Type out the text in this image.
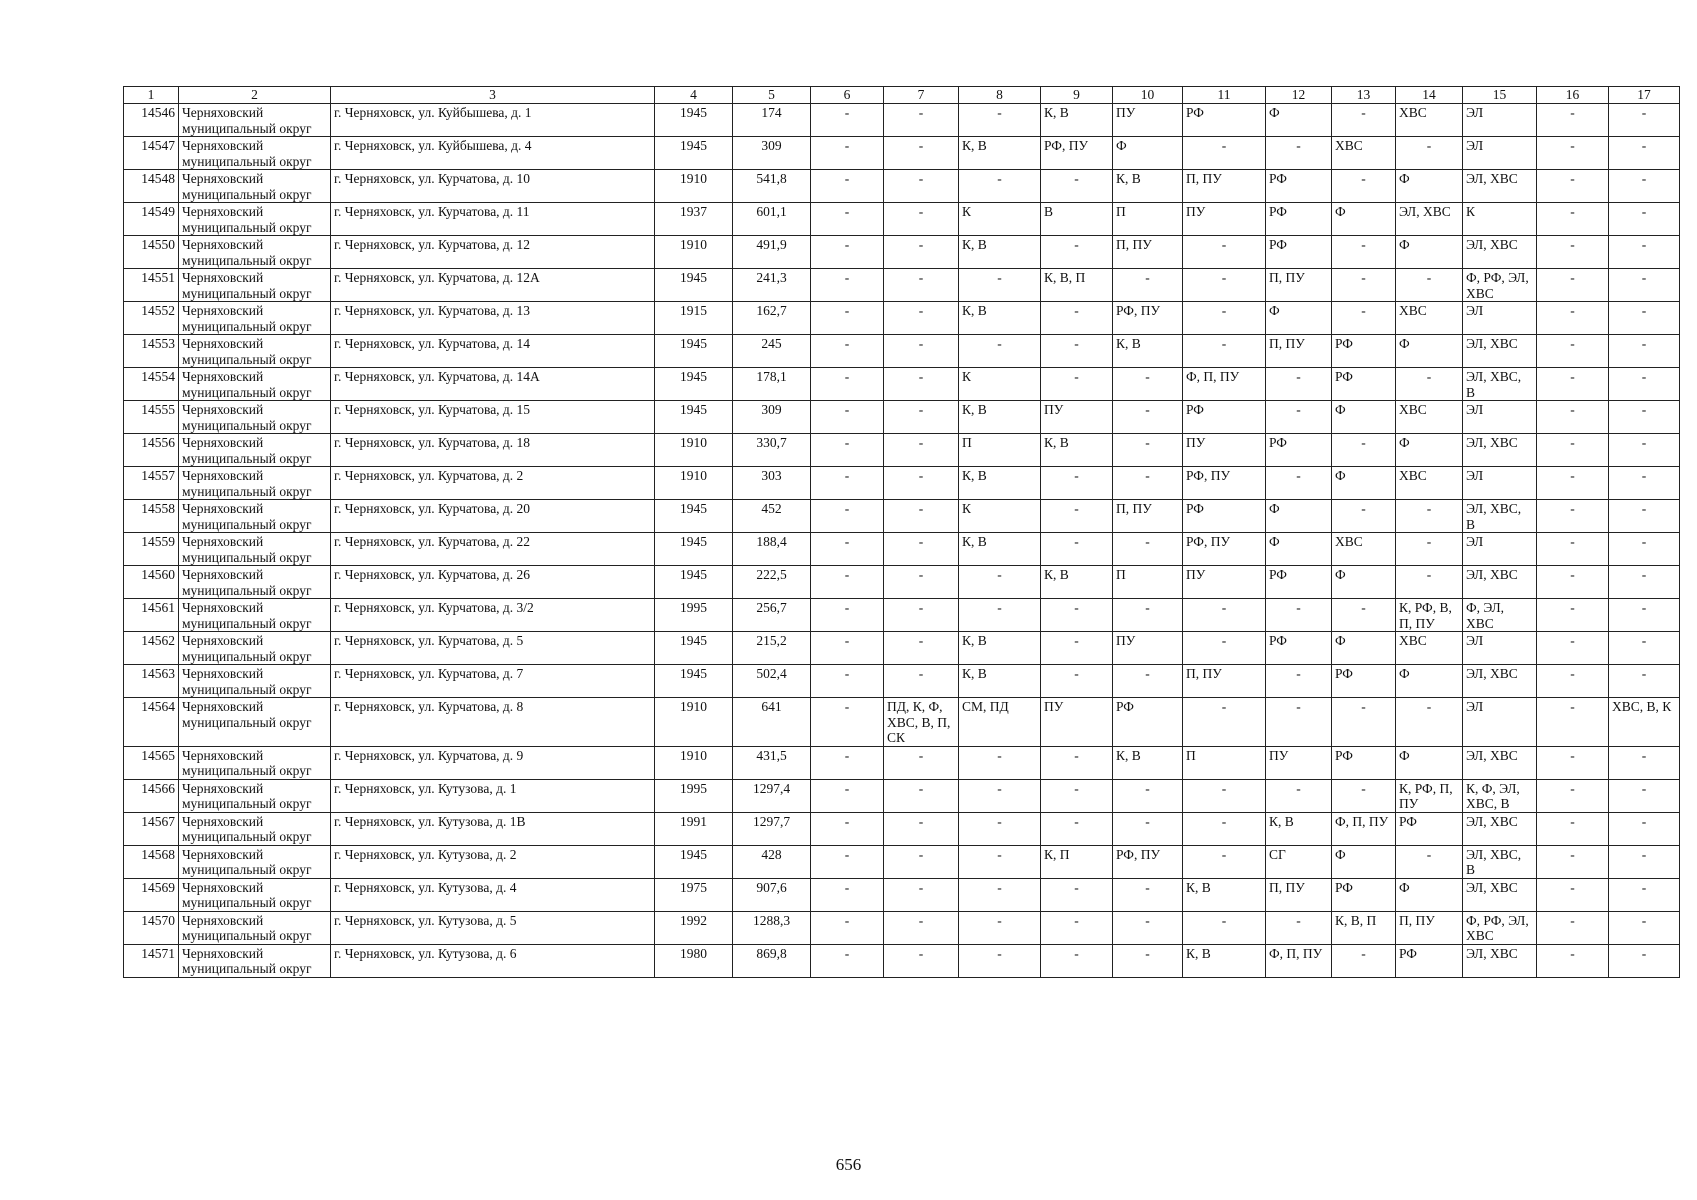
1	2	3	4	5	6	7	8	9	10	11	12	13	14	15	16	17
14546	Черняховский муниципальный округ	г. Черняховск, ул. Куйбышева, д. 1	1945	174	-	-	-	К, В	ПУ	РФ	Ф	-	ХВС	ЭЛ	-	-
14547	Черняховский муниципальный округ	г. Черняховск, ул. Куйбышева, д. 4	1945	309	-	-	К, В	РФ, ПУ	Ф	-	-	ХВС	-	ЭЛ	-	-
14548	Черняховский муниципальный округ	г. Черняховск, ул. Курчатова, д. 10	1910	541,8	-	-	-	-	К, В	П, ПУ	РФ	-	Ф	ЭЛ, ХВС	-	-
14549	Черняховский муниципальный округ	г. Черняховск, ул. Курчатова, д. 11	1937	601,1	-	-	К	В	П	ПУ	РФ	Ф	ЭЛ, ХВС	К	-	-
14550	Черняховский муниципальный округ	г. Черняховск, ул. Курчатова, д. 12	1910	491,9	-	-	К, В	-	П, ПУ	-	РФ	-	Ф	ЭЛ, ХВС	-	-
14551	Черняховский муниципальный округ	г. Черняховск, ул. Курчатова, д. 12А	1945	241,3	-	-	-	К, В, П	-	-	П, ПУ	-	-	Ф, РФ, ЭЛ, ХВС	-	-
14552	Черняховский муниципальный округ	г. Черняховск, ул. Курчатова, д. 13	1915	162,7	-	-	К, В	-	РФ, ПУ	-	Ф	-	ХВС	ЭЛ	-	-
14553	Черняховский муниципальный округ	г. Черняховск, ул. Курчатова, д. 14	1945	245	-	-	-	-	К, В	-	П, ПУ	РФ	Ф	ЭЛ, ХВС	-	-
14554	Черняховский муниципальный округ	г. Черняховск, ул. Курчатова, д. 14А	1945	178,1	-	-	К	-	-	Ф, П, ПУ	-	РФ	-	ЭЛ, ХВС, В	-	-
14555	Черняховский муниципальный округ	г. Черняховск, ул. Курчатова, д. 15	1945	309	-	-	К, В	ПУ	-	РФ	-	Ф	ХВС	ЭЛ	-	-
14556	Черняховский муниципальный округ	г. Черняховск, ул. Курчатова, д. 18	1910	330,7	-	-	П	К, В	-	ПУ	РФ	-	Ф	ЭЛ, ХВС	-	-
14557	Черняховский муниципальный округ	г. Черняховск, ул. Курчатова, д. 2	1910	303	-	-	К, В	-	-	РФ, ПУ	-	Ф	ХВС	ЭЛ	-	-
14558	Черняховский муниципальный округ	г. Черняховск, ул. Курчатова, д. 20	1945	452	-	-	К	-	П, ПУ	РФ	Ф	-	-	ЭЛ, ХВС, В	-	-
14559	Черняховский муниципальный округ	г. Черняховск, ул. Курчатова, д. 22	1945	188,4	-	-	К, В	-	-	РФ, ПУ	Ф	ХВС	-	ЭЛ	-	-
14560	Черняховский муниципальный округ	г. Черняховск, ул. Курчатова, д. 26	1945	222,5	-	-	-	К, В	П	ПУ	РФ	Ф	-	ЭЛ, ХВС	-	-
14561	Черняховский муниципальный округ	г. Черняховск, ул. Курчатова, д. 3/2	1995	256,7	-	-	-	-	-	-	-	-	К, РФ, В, П, ПУ	Ф, ЭЛ, ХВС	-	-
14562	Черняховский муниципальный округ	г. Черняховск, ул. Курчатова, д. 5	1945	215,2	-	-	К, В	-	ПУ	-	РФ	Ф	ХВС	ЭЛ	-	-
14563	Черняховский муниципальный округ	г. Черняховск, ул. Курчатова, д. 7	1945	502,4	-	-	К, В	-	-	П, ПУ	-	РФ	Ф	ЭЛ, ХВС	-	-
14564	Черняховский муниципальный округ	г. Черняховск, ул. Курчатова, д. 8	1910	641	-	ПД, К, Ф, ХВС, В, П, СК	СМ, ПД	ПУ	РФ	-	-	-	-	ЭЛ	-	ХВС, В, К
14565	Черняховский муниципальный округ	г. Черняховск, ул. Курчатова, д. 9	1910	431,5	-	-	-	-	К, В	П	ПУ	РФ	Ф	ЭЛ, ХВС	-	-
14566	Черняховский муниципальный округ	г. Черняховск, ул. Кутузова, д. 1	1995	1297,4	-	-	-	-	-	-	-	-	К, РФ, П, ПУ	К, Ф, ЭЛ, ХВС, В	-	-
14567	Черняховский муниципальный округ	г. Черняховск, ул. Кутузова, д. 1В	1991	1297,7	-	-	-	-	-	-	К, В	Ф, П, ПУ	РФ	ЭЛ, ХВС	-	-
14568	Черняховский муниципальный округ	г. Черняховск, ул. Кутузова, д. 2	1945	428	-	-	-	К, П	РФ, ПУ	-	СГ	Ф	-	ЭЛ, ХВС, В	-	-
14569	Черняховский муниципальный округ	г. Черняховск, ул. Кутузова, д. 4	1975	907,6	-	-	-	-	-	К, В	П, ПУ	РФ	Ф	ЭЛ, ХВС	-	-
14570	Черняховский муниципальный округ	г. Черняховск, ул. Кутузова, д. 5	1992	1288,3	-	-	-	-	-	-	-	К, В, П	П, ПУ	Ф, РФ, ЭЛ, ХВС	-	-
14571	Черняховский муниципальный округ	г. Черняховск, ул. Кутузова, д. 6	1980	869,8	-	-	-	-	-	К, В	Ф, П, ПУ	-	РФ	ЭЛ, ХВС	-	-
656
